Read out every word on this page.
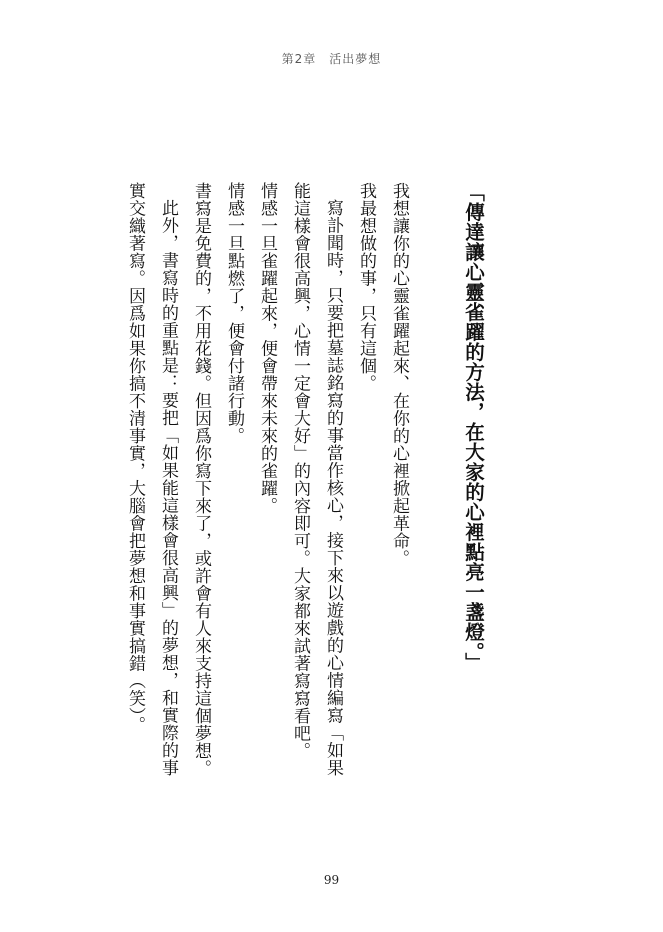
第2章　活出夢想

「傳達讓心靈雀躍的方法，在大家的心裡點亮一盞燈。」

我想讓你的心靈雀躍起來、在你的心裡掀起革命。

我最想做的事，只有這個。

寫訃聞時，只要把墓誌銘寫的事當作核心，接下來以遊戲的心情編寫「如果能這樣會很高興，心情一定會大好」的內容即可。大家都來試著寫寫看吧。

情感一旦雀躍起來，便會帶來未來的雀躍。

情感一旦點燃了，便會付諸行動。

書寫是免費的，不用花錢。但因爲你寫下來了，或許會有人來支持這個夢想。

此外，書寫時的重點是：要把「如果能這樣會很高興」的夢想，和實際的事實交織著寫。因爲如果你搞不清事實，大腦會把夢想和事實搞錯（笑）。

99
